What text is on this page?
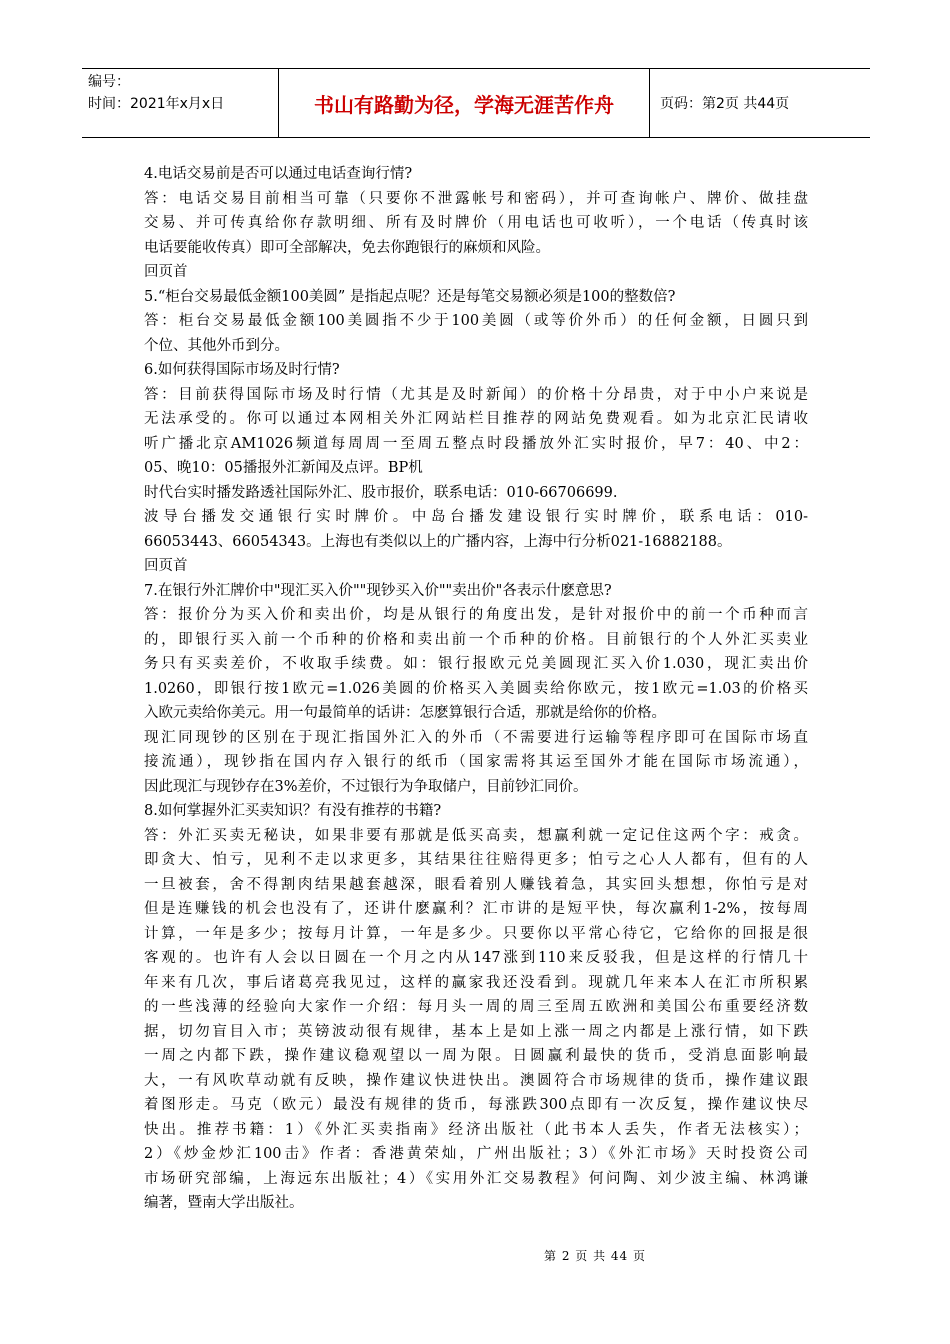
编号：
时间：2021年x月x日	书山有路勤为径，学海无涯苦作舟	页码：第2页 共44页
4.电话交易前是否可以通过电话查询行情?
答：电话交易目前相当可靠（只要你不泄露帐号和密码），并可查询帐户、牌价、做挂盘
交易、并可传真给你存款明细、所有及时牌价（用电话也可收听），一个电话（传真时该
电话要能收传真）即可全部解决，免去你跑银行的麻烦和风险。
回页首
5.“柜台交易最低金额100美圆” 是指起点呢？还是每笔交易额必须是100的整数倍?
答：柜台交易最低金额100美圆指不少于100美圆（或等价外币）的任何金额，日圆只到
个位、其他外币到分。
6.如何获得国际市场及时行情?
答：目前获得国际市场及时行情（尤其是及时新闻）的价格十分昂贵，对于中小户来说是
无法承受的。你可以通过本网相关外汇网站栏目推荐的网站免费观看。如为北京汇民请收
听广播北京AM1026频道每周周一至周五整点时段播放外汇实时报价，早7：40、中2：
05、晚10：05播报外汇新闻及点评。BP机
时代台实时播发路透社国际外汇、股市报价，联系电话：010-66706699.
波导台播发交通银行实时牌价。中岛台播发建设银行实时牌价，联系电话：010-
66053443、66054343。上海也有类似以上的广播内容，上海中行分析021-16882188。
回页首
7.在银行外汇牌价中"现汇买入价""现钞买入价""卖出价"各表示什麽意思?
答：报价分为买入价和卖出价，均是从银行的角度出发，是针对报价中的前一个币种而言
的，即银行买入前一个币种的价格和卖出前一个币种的价格。目前银行的个人外汇买卖业
务只有买卖差价，不收取手续费。如：银行报欧元兑美圆现汇买入价1.030，现汇卖出价
1.0260，即银行按1欧元=1.026美圆的价格买入美圆卖给你欧元，按1欧元=1.03的价格买
入欧元卖给你美元。用一句最简单的话讲：怎麽算银行合适，那就是给你的价格。
现汇同现钞的区别在于现汇指国外汇入的外币（不需要进行运输等程序即可在国际市场直
接流通），现钞指在国内存入银行的纸币（国家需将其运至国外才能在国际市场流通），
因此现汇与现钞存在3%差价，不过银行为争取储户，目前钞汇同价。
8.如何掌握外汇买卖知识？有没有推荐的书籍?
答：外汇买卖无秘诀，如果非要有那就是低买高卖，想赢利就一定记住这两个字：戒贪。
即贪大、怕亏，见利不走以求更多，其结果往往赔得更多；怕亏之心人人都有，但有的人
一旦被套，舍不得割肉结果越套越深，眼看着别人赚钱着急，其实回头想想，你怕亏是对
但是连赚钱的机会也没有了，还讲什麽赢利？汇市讲的是短平快，每次赢利1-2%，按每周
计算，一年是多少；按每月计算，一年是多少。只要你以平常心待它，它给你的回报是很
客观的。也许有人会以日圆在一个月之内从147涨到110来反驳我，但是这样的行情几十
年来有几次，事后诸葛亮我见过，这样的赢家我还没看到。现就几年来本人在汇市所积累
的一些浅薄的经验向大家作一介绍：每月头一周的周三至周五欧洲和美国公布重要经济数
据，切勿盲目入市；英镑波动很有规律，基本上是如上涨一周之内都是上涨行情，如下跌
一周之内都下跌，操作建议稳观望以一周为限。日圆赢利最快的货币，受消息面影响最
大，一有风吹草动就有反映，操作建议快进快出。澳圆符合市场规律的货币，操作建议跟
着图形走。马克（欧元）最没有规律的货币，每涨跌300点即有一次反复，操作建议快尽
快出。推荐书籍：1）《外汇买卖指南》经济出版社（此书本人丢失，作者无法核实）；
2）《炒金炒汇100击》作者：香港黄荣灿，广州出版社；3）《外汇市场》天时投资公司
市场研究部编，上海远东出版社；4）《实用外汇交易教程》何问陶、刘少波主编、林鸿谦
编著，暨南大学出版社。
第 2 页 共 44 页
